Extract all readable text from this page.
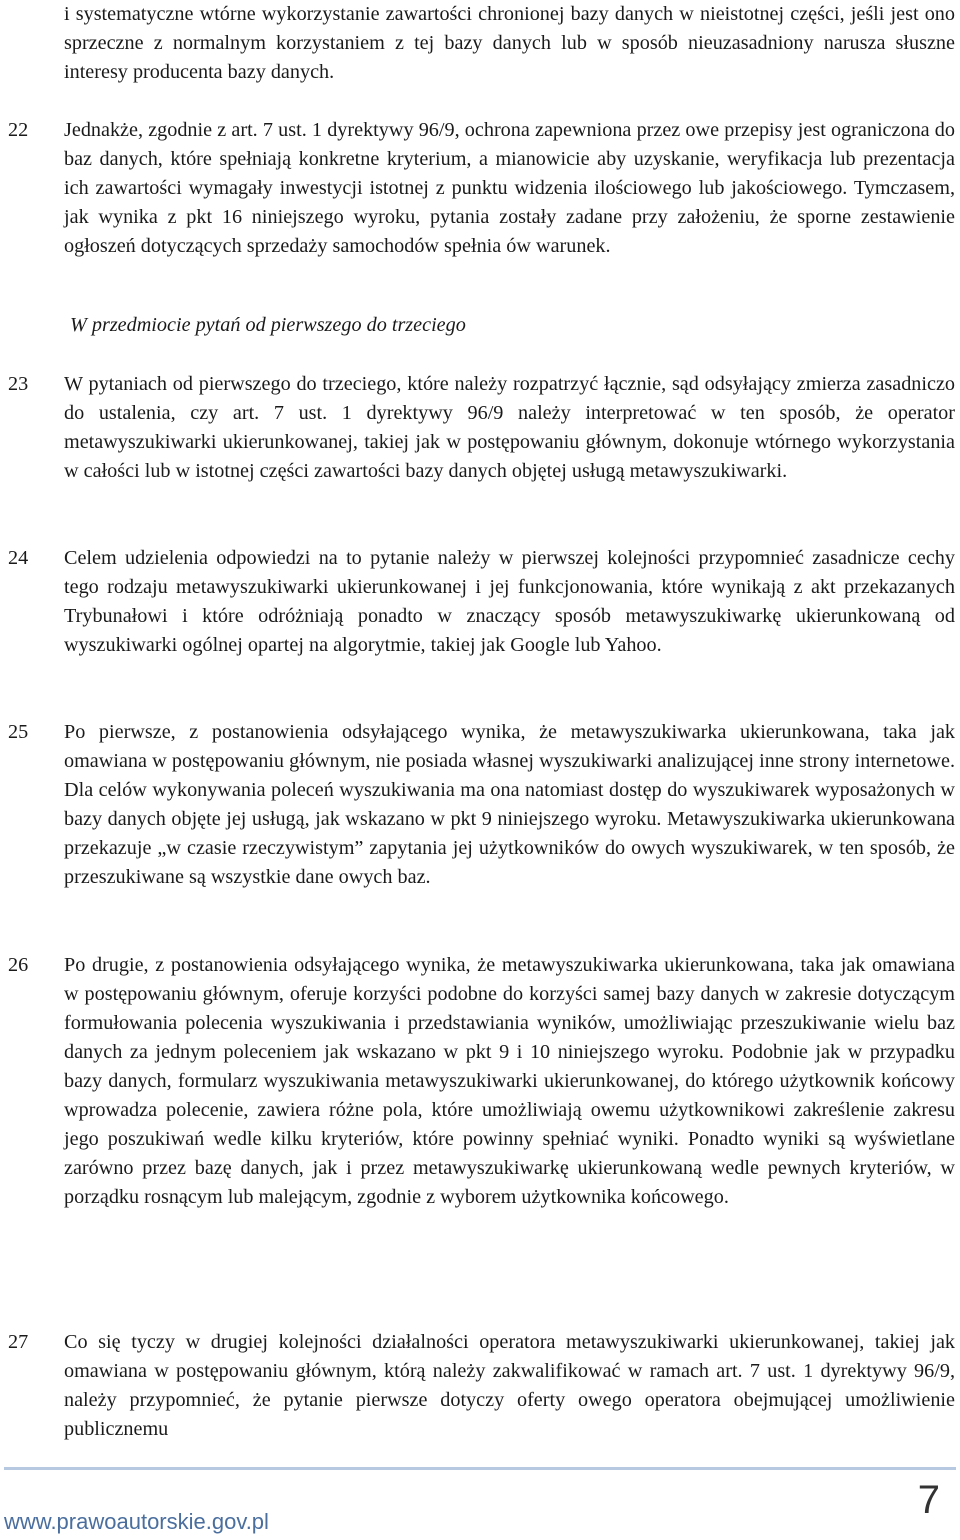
i systematyczne wtórne wykorzystanie zawartości chronionej bazy danych w nieistotnej części, jeśli jest ono sprzeczne z normalnym korzystaniem z tej bazy danych lub w sposób nieuzasadniony narusza słuszne interesy producenta bazy danych.

22 Jednakże, zgodnie z art. 7 ust. 1 dyrektywy 96/9, ochrona zapewniona przez owe przepisy jest ograniczona do baz danych, które spełniają konkretne kryterium, a mianowicie aby uzyskanie, weryfikacja lub prezentacja ich zawartości wymagały inwestycji istotnej z punktu widzenia ilościowego lub jakościowego. Tymczasem, jak wynika z pkt 16 niniejszego wyroku, pytania zostały zadane przy założeniu, że sporne zestawienie ogłoszeń dotyczących sprzedaży samochodów spełnia ów warunek.

W przedmiocie pytań od pierwszego do trzeciego

23 W pytaniach od pierwszego do trzeciego, które należy rozpatrzyć łącznie, sąd odsyłający zmierza zasadniczo do ustalenia, czy art. 7 ust. 1 dyrektywy 96/9 należy interpretować w ten sposób, że operator metawyszukiwarki ukierunkowanej, takiej jak w postępowaniu głównym, dokonuje wtórnego wykorzystania w całości lub w istotnej części zawartości bazy danych objętej usługą metawyszukiwarki.

24 Celem udzielenia odpowiedzi na to pytanie należy w pierwszej kolejności przypomnieć zasadnicze cechy tego rodzaju metawyszukiwarki ukierunkowanej i jej funkcjonowania, które wynikają z akt przekazanych Trybunałowi i które odróżniają ponadto w znaczący sposób metawyszukiwarkę ukierunkowaną od wyszukiwarki ogólnej opartej na algorytmie, takiej jak Google lub Yahoo.

25 Po pierwsze, z postanowienia odsyłającego wynika, że metawyszukiwarka ukierunkowana, taka jak omawiana w postępowaniu głównym, nie posiada własnej wyszukiwarki analizującej inne strony internetowe. Dla celów wykonywania poleceń wyszukiwania ma ona natomiast dostęp do wyszukiwarek wyposażonych w bazy danych objęte jej usługą, jak wskazano w pkt 9 niniejszego wyroku. Metawyszukiwarka ukierunkowana przekazuje „w czasie rzeczywistym” zapytania jej użytkowników do owych wyszukiwarek, w ten sposób, że przeszukiwane są wszystkie dane owych baz.

26 Po drugie, z postanowienia odsyłającego wynika, że metawyszukiwarka ukierunkowana, taka jak omawiana w postępowaniu głównym, oferuje korzyści podobne do korzyści samej bazy danych w zakresie dotyczącym formułowania polecenia wyszukiwania i przedstawiania wyników, umożliwiając przeszukiwanie wielu baz danych za jednym poleceniem jak wskazano w pkt 9 i 10 niniejszego wyroku. Podobnie jak w przypadku bazy danych, formularz wyszukiwania metawyszukiwarki ukierunkowanej, do którego użytkownik końcowy wprowadza polecenie, zawiera różne pola, które umożliwiają owemu użytkownikowi zakreślenie zakresu jego poszukiwań wedle kilku kryteriów, które powinny spełniać wyniki. Ponadto wyniki są wyświetlane zarówno przez bazę danych, jak i przez metawyszukiwarkę ukierunkowaną wedle pewnych kryteriów, w porządku rosnącym lub malejącym, zgodnie z wyborem użytkownika końcowego.

27 Co się tyczy w drugiej kolejności działalności operatora metawyszukiwarki ukierunkowanej, takiej jak omawiana w postępowaniu głównym, którą należy zakwalifikować w ramach art. 7 ust. 1 dyrektywy 96/9, należy przypomnieć, że pytanie pierwsze dotyczy oferty owego operatora obejmującej umożliwienie publicznemu

7
www.prawoautorskie.gov.pl
